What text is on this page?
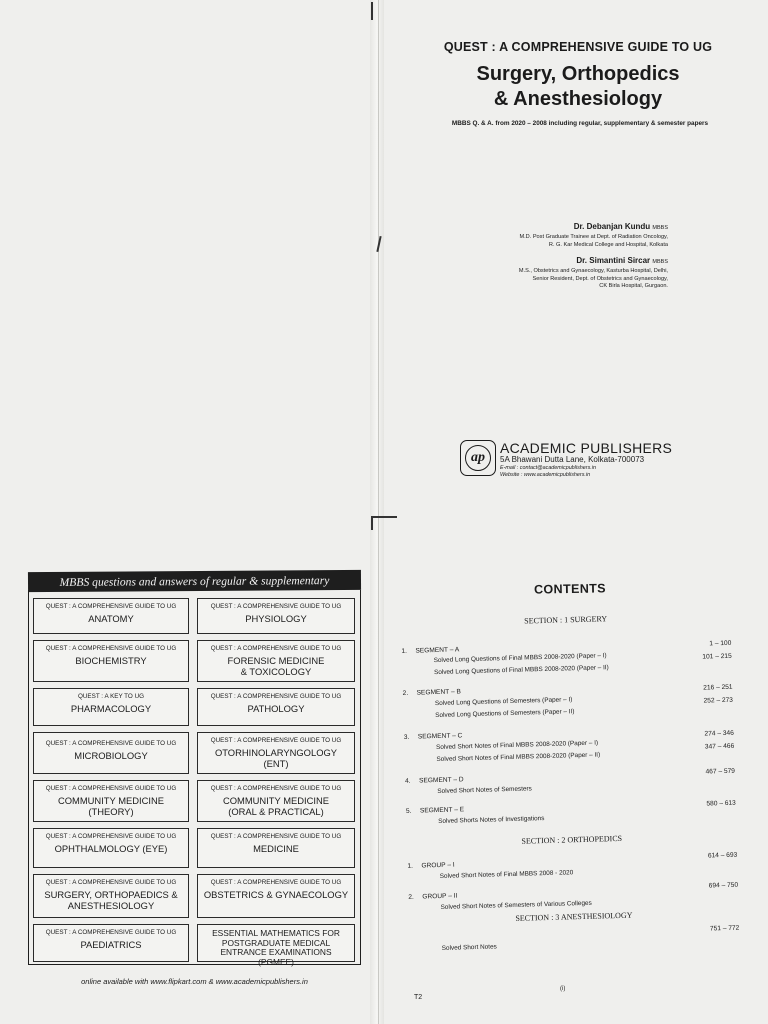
QUEST : A COMPREHENSIVE GUIDE TO UG
Surgery, Orthopedics
& Anesthesiology
MBBS Q. & A. from 2020 – 2008 including regular, supplementary & semester papers
Dr. Debanjan Kundu MBBS
M.D. Post Graduate Trainee at Dept. of Radiation Oncology,
R. G. Kar Medical College and Hospital, Kolkata
Dr. Simantini Sircar MBBS
M.S., Obstetrics and Gynaecology, Kasturba Hospital, Delhi,
Senior Resident, Dept. of Obstetrics and Gynaecology,
CK Birla Hospital, Gurgaon.
ap
ACADEMIC PUBLISHERS
5A Bhawani Dutta Lane, Kolkata-700073
E-mail : contact@academicpublishers.in
Website : www.academicpublishers.in
MBBS questions and answers of regular & supplementary
QUEST : A COMPREHENSIVE GUIDE TO UG
ANATOMY
QUEST : A COMPREHENSIVE GUIDE TO UG
PHYSIOLOGY
QUEST : A COMPREHENSIVE GUIDE TO UG
BIOCHEMISTRY
QUEST : A COMPREHENSIVE GUIDE TO UG
FORENSIC MEDICINE & TOXICOLOGY
QUEST : A KEY TO UG
PHARMACOLOGY
QUEST : A COMPREHENSIVE GUIDE TO UG
PATHOLOGY
QUEST : A COMPREHENSIVE GUIDE TO UG
MICROBIOLOGY
QUEST : A COMPREHENSIVE GUIDE TO UG
OTORHINOLARYNGOLOGY (ENT)
QUEST : A COMPREHENSIVE GUIDE TO UG
COMMUNITY MEDICINE (THEORY)
QUEST : A COMPREHENSIVE GUIDE TO UG
COMMUNITY MEDICINE (ORAL & PRACTICAL)
QUEST : A COMPREHENSIVE GUIDE TO UG
OPHTHALMOLOGY (EYE)
QUEST : A COMPREHENSIVE GUIDE TO UG
MEDICINE
QUEST : A COMPREHENSIVE GUIDE TO UG
SURGERY, ORTHOPAEDICS & ANESTHESIOLOGY
QUEST : A COMPREHENSIVE GUIDE TO UG
OBSTETRICS & GYNAECOLOGY
QUEST : A COMPREHENSIVE GUIDE TO UG
PAEDIATRICS
ESSENTIAL MATHEMATICS FOR POSTGRADUATE MEDICAL ENTRANCE EXAMINATIONS (PGMEE)
online available with www.flipkart.com & www.academicpublishers.in
CONTENTS
SECTION : 1 SURGERY
1. SEGMENT – A
Solved Long Questions of Final MBBS 2008-2020 (Paper – I)
Solved Long Questions of Final MBBS 2008-2020 (Paper – II)
1 – 100
101 – 215
2. SEGMENT – B
Solved Long Questions of Semesters (Paper – I)
Solved Long Questions of Semesters (Paper – II)
216 – 251
252 – 273
3. SEGMENT – C
Solved Short Notes of Final MBBS 2008-2020 (Paper – I)
Solved Short Notes of Final MBBS 2008-2020 (Paper – II)
274 – 346
347 – 466
4. SEGMENT – D
Solved Short Notes of Semesters
467 – 579
5. SEGMENT – E
Solved Shorts Notes of Investigations
580 – 613
SECTION : 2 ORTHOPEDICS
1. GROUP – I
Solved Short Notes of Final MBBS 2008 - 2020
614 – 693
2. GROUP – II
Solved Short Notes of Semesters of Various Colleges
694 – 750
SECTION : 3 ANESTHESIOLOGY
Solved Short Notes
751 – 772
(i)
T2
